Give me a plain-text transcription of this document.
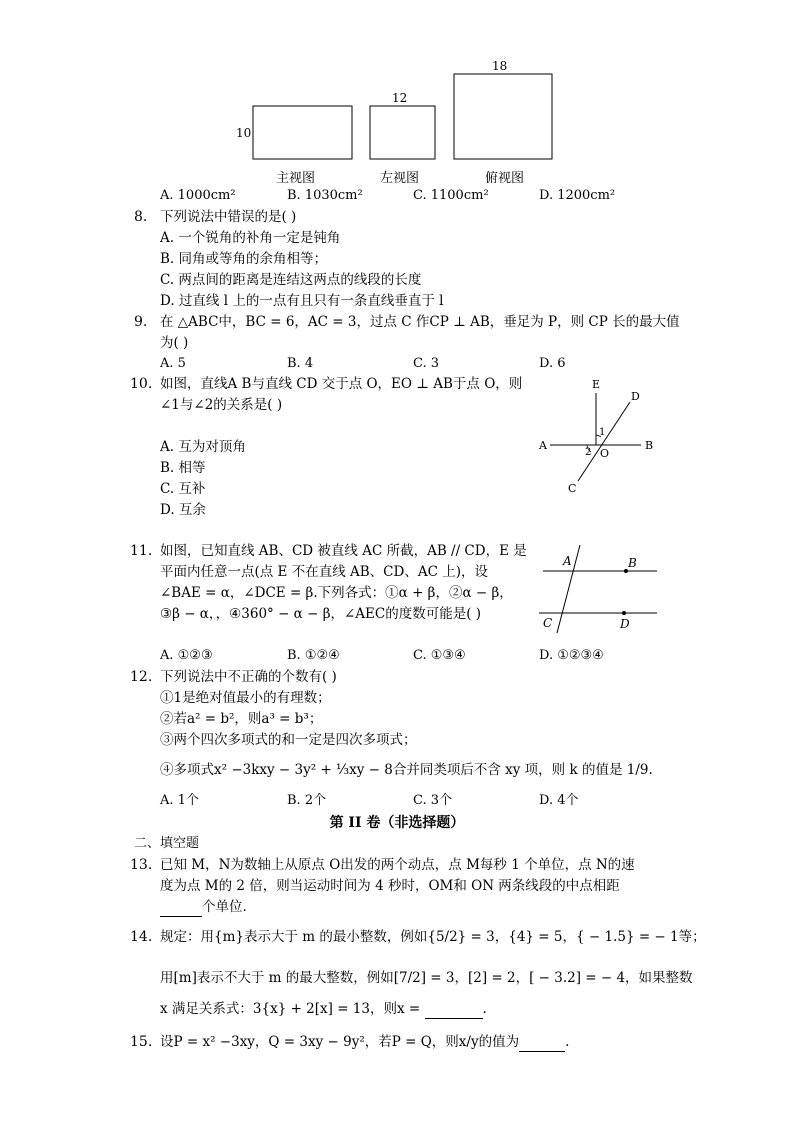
10
12
18
主视图	左视图	俯视图
A. 1000cm²	B. 1030cm²	C. 1100cm²	D. 1200cm²
8. 下列说法中错误的是( )
A. 一个锐角的补角一定是钝角
B. 同角或等角的余角相等；
C. 两点间的距离是连结这两点的线段的长度
D. 过直线 l 上的一点有且只有一条直线垂直于 l
9. 在 △ABC中，BC = 6，AC = 3，过点 C 作CP ⊥ AB，垂足为 P，则 CP 长的最大值
为( )
A. 5	B. 4	C. 3	D. 6
10. 如图，直线A B与直线 CD 交于点 O，EO ⊥ AB于点 O，则
∠1与∠2的关系是( )
A. 互为对顶角
B. 相等
C. 互补
D. 互余
A	B
E
D
C
O
1
2
11. 如图，已知直线 AB、CD 被直线 AC 所截，AB // CD，E 是
平面内任意一点(点 E 不在直线 AB、CD、AC 上)，设
∠BAE = α，∠DCE = β.下列各式：①α + β，②α − β，
③β − α，，④360° − α − β，∠AEC的度数可能是( )
A	B
C	D
A. ①②③	B. ①②④	C. ①③④	D. ①②③④
12. 下列说法中不正确的个数有( )
①1是绝对值最小的有理数；
②若a² = b²，则a³ = b³；
③两个四次多项式的和一定是四次多项式；
④多项式x² −3kxy − 3y² + ⅓xy − 8合并同类项后不含 xy 项，则 k 的值是 1/9.
A. 1个	B. 2个	C. 3个	D. 4个
第 II 卷（非选择题）
二、填空题
13. 已知 M，N为数轴上从原点 O出发的两个动点，点 M每秒 1 个单位，点 N的速
度为点 M的 2 倍，则当运动时间为 4 秒时，OM和 ON 两条线段的中点相距
个单位.
14. 规定：用{m}表示大于 m 的最小整数，例如{5/2} = 3，{4} = 5，{ − 1.5} = − 1等；
用[m]表示不大于 m 的最大整数，例如[7/2] = 3，[2] = 2，[ − 3.2] = − 4，如果整数
x 满足关系式：3{x} + 2[x] = 13，则x =	.
15. 设P = x² −3xy，Q = 3xy − 9y²，若P = Q，则x/y的值为	.
